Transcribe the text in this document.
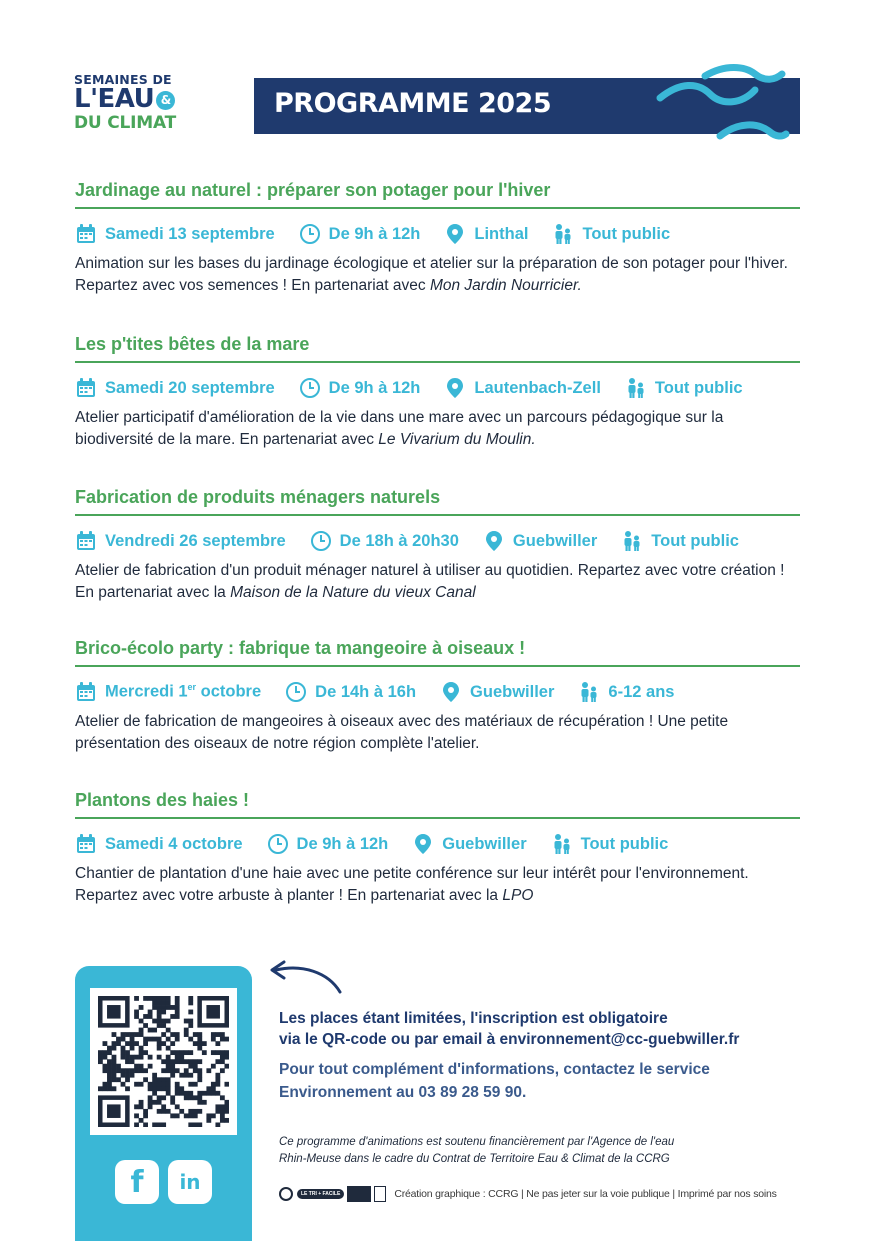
SEMAINES DE
L'EAU &
DU CLIMAT
PROGRAMME 2025
Jardinage au naturel : préparer son potager pour l'hiver
Samedi 13 septembre	De 9h à 12h	Linthal	Tout public
Animation sur les bases du jardinage écologique et atelier sur la préparation de son potager pour l'hiver. Repartez avec vos semences ! En partenariat avec Mon Jardin Nourricier.
Les p'tites bêtes de la mare
Samedi 20 septembre	De 9h à 12h	Lautenbach-Zell	Tout public
Atelier participatif d'amélioration de la vie dans une mare avec un parcours pédagogique sur la biodiversité de la mare. En partenariat avec Le Vivarium du Moulin.
Fabrication de produits ménagers naturels
Vendredi 26 septembre	De 18h à 20h30	Guebwiller	Tout public
Atelier de fabrication d'un produit ménager naturel à utiliser au quotidien. Repartez avec votre création ! En partenariat avec la Maison de la Nature du vieux Canal
Brico-écolo party : fabrique ta mangeoire à oiseaux !
Mercredi 1er octobre	De 14h à 16h	Guebwiller	6-12 ans
Atelier de fabrication de mangeoires à oiseaux avec des matériaux de récupération ! Une petite présentation des oiseaux de notre région complète l'atelier.
Plantons des haies !
Samedi 4 octobre	De 9h à 12h	Guebwiller	Tout public
Chantier de plantation d'une haie avec une petite conférence sur leur intérêt pour l'environnement. Repartez avec votre arbuste à planter ! En partenariat avec la LPO
f	in
Les places étant limitées, l'inscription est obligatoire
via le QR-code ou par email à environnement@cc-guebwiller.fr
Pour tout complément d'informations, contactez le service
Environnement au 03 89 28 59 90.
Ce programme d'animations est soutenu financièrement par l'Agence de l'eau
Rhin-Meuse dans le cadre du Contrat de Territoire Eau & Climat de la CCRG
LE TRI + FACILE	Création graphique : CCRG | Ne pas jeter sur la voie publique | Imprimé par nos soins
